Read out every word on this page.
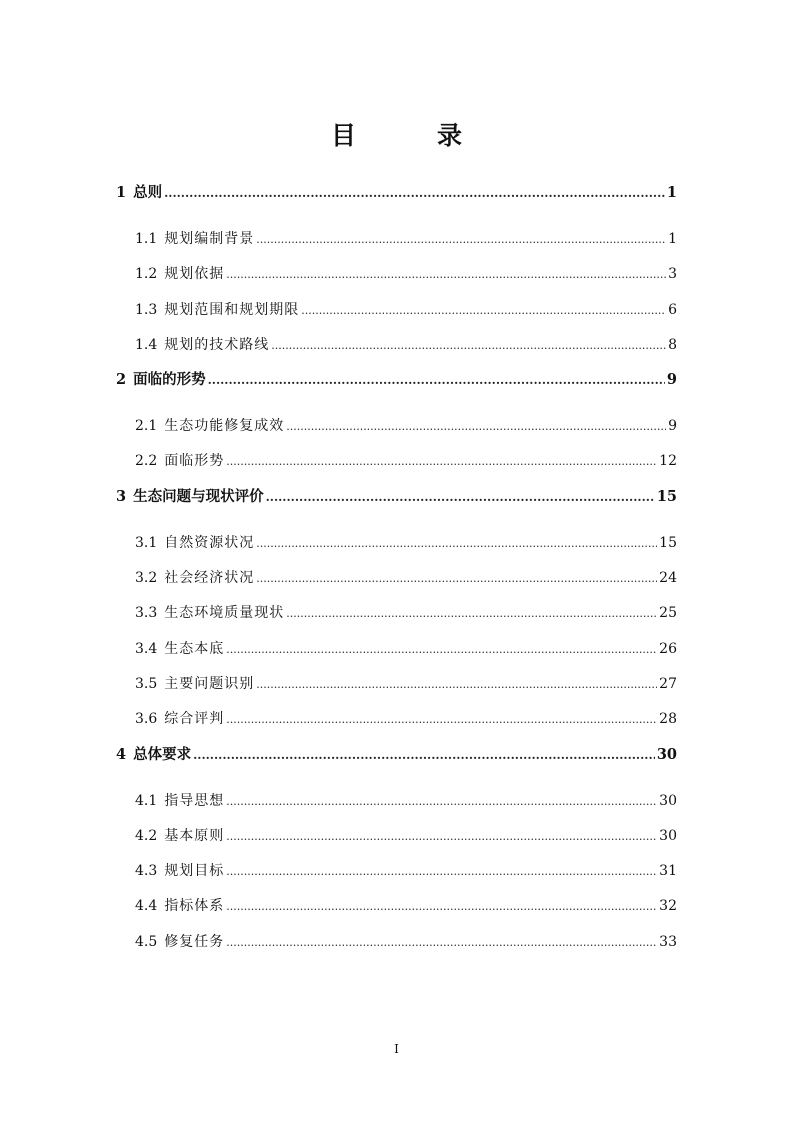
目　录
1 总则 .....	1
1.1 规划编制背景 .....	1
1.2 规划依据 .....	3
1.3 规划范围和规划期限 .....	6
1.4 规划的技术路线 .....	8
2 面临的形势 .....	9
2.1 生态功能修复成效 .....	9
2.2 面临形势 .....	12
3 生态问题与现状评价 .....	15
3.1 自然资源状况 .....	15
3.2 社会经济状况 .....	24
3.3 生态环境质量现状 .....	25
3.4 生态本底 .....	26
3.5 主要问题识别 .....	27
3.6 综合评判 .....	28
4 总体要求 .....	30
4.1 指导思想 .....	30
4.2 基本原则 .....	30
4.3 规划目标 .....	31
4.4 指标体系 .....	32
4.5 修复任务 .....	33
I
